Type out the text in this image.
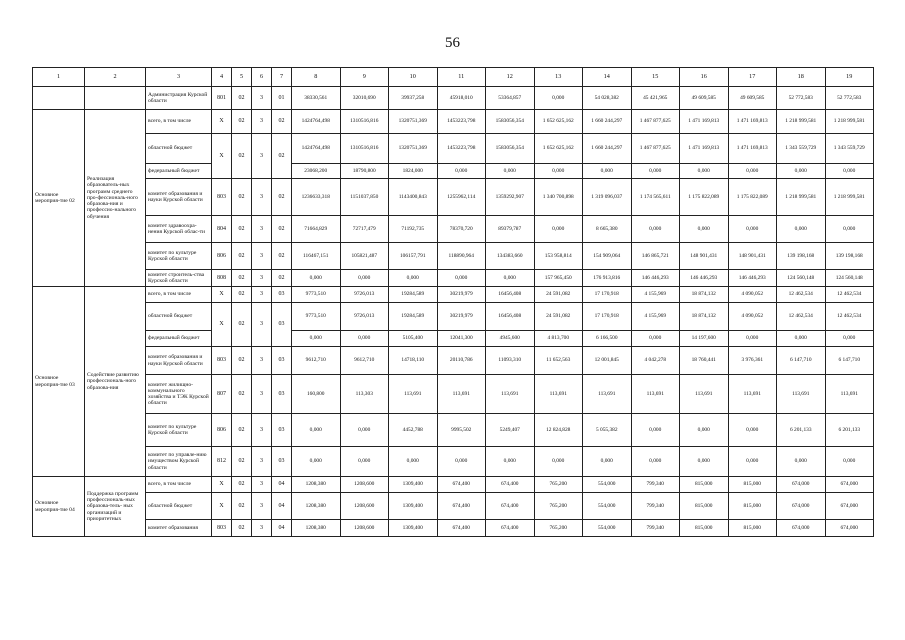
56
1	2	3	4	5	6	7	8	9	10	11	12	13	14	15	16	17	18	19
		Администрация Курской области	801	02	3	01	38330,561	32010,690	39937,258	45918,010	53364,857	0,000	54 028,382	45 421,965	49 609,585	49 609,585	52 772,583	52 772,583
Основное мероприя-тие 02	Реализация образователь-ных программ среднего про-фессиональ-ного образова-ния и профессио-нального обучения	всего, в том числе	Х	02	3	02	1424764,498	1310516,816	1320751,369	1453223,798	1583056,354	1 652 625,162	1 660 244,297	1 467 877,625	1 471 169,813	1 471 169,813	1 218 999,581	1 218 999,581
		областной бюджет	Х	02	3	02	1424764,498	1310516,816	1320751,369	1453223,798	1583056,354	1 652 625,162	1 660 244,297	1 467 877,625	1 471 169,813	1 471 169,813	1 343 559,729	1 343 559,729
		федеральный бюджет					23068,200	18790,800	1824,000	0,000	0,000	0,000	0,000	0,000	0,000	0,000	0,000	0,000
		комитет образования и науки Курской области	803	02	3	02	1236633,318	1151037,850	1143400,843	1255962,114	1359292,907	1 340 700,898	1 319 096,037	1 174 565,611	1 175 822,089	1 175 822,089	1 218 999,581	1 218 999,581
		комитет здравоохра-нения Курской облас-ти	804	02	3	02	71664,829	72717,479	71192,735	78370,720	89379,787	0,000	8 665,380	0,000	0,000	0,000	0,000	0,000
		комитет по культуре Курской области	806	02	3	02	116467,151	105821,487	106157,791	118890,964	134383,660	153 958,814	154 909,064	146 865,721	148 901,431	148 901,431	139 198,168	139 198,168
		комитет строитель-ства Курской области	808	02	3	02	0,000	0,000	0,000	0,000	0,000	157 965,450	176 913,816	146 446,293	146 446,293	146 446,293	124 560,148	124 560,148
Основное мероприя-тие 03	Содействие развитию профессиональ-ного образова-ния	всего, в том числе	Х	02	3	03	9773,510	9726,013	19284,589	30219,979	16456,408	24 591,082	17 170,918	4 155,969	18 874,132	4 090,052	12 462,534	12 462,534
		областной бюджет	Х	02	3	03	9773,510	9726,013	19284,589	30219,979	16456,408	24 591,082	17 170,918	4 155,969	18 874,132	4 090,052	12 462,534	12 462,534
		федеральный бюджет					0,000	0,000	5105,400	12041,300	4945,600	4 813,700	6 166,500	0,000	14 197,600	0,000	0,000	0,000
		комитет образования и науки Курской области	803	02	3	03	9612,710	9612,710	14718,110	20110,786	11093,310	11 652,563	12 001,845	4 042,278	18 760,441	3 976,361	6 147,710	6 147,710
		комитет жилищно-коммунального хозяйства и ТЭК Курской области	807	02	3	03	160,800	113,303	113,691	113,691	113,691	113,691	113,691	113,691	113,691	113,691	113,691	113,691
		комитет по культуре Курской области	806	02	3	03	0,000	0,000	4452,788	9995,502	5249,407	12 824,828	5 055,382	0,000	0,000	0,000	6 201,133	6 201,133
		комитет по управле-нию имуществом Курской области	812	02	3	03	0,000	0,000	0,000	0,000	0,000	0,000	0,000	0,000	0,000	0,000	0,000	0,000
Основное мероприя-тие 04	Поддержка программ профессиональ-ных образова-тель- ных организаций и приоритетных	всего, в том числе	Х	02	3	04	1208,380	1208,600	1309,400	674,400	674,400	765,200	554,000	799,340	815,000	815,000	674,000	674,000
		областной бюджет	Х	02	3	04	1208,380	1208,600	1309,400	674,400	674,400	765,200	554,000	799,340	815,000	815,000	674,000	674,000
		комитет образования	803	02	3	04	1208,380	1208,600	1309,400	674,400	674,400	765,200	554,000	799,340	815,000	815,000	674,000	674,000
